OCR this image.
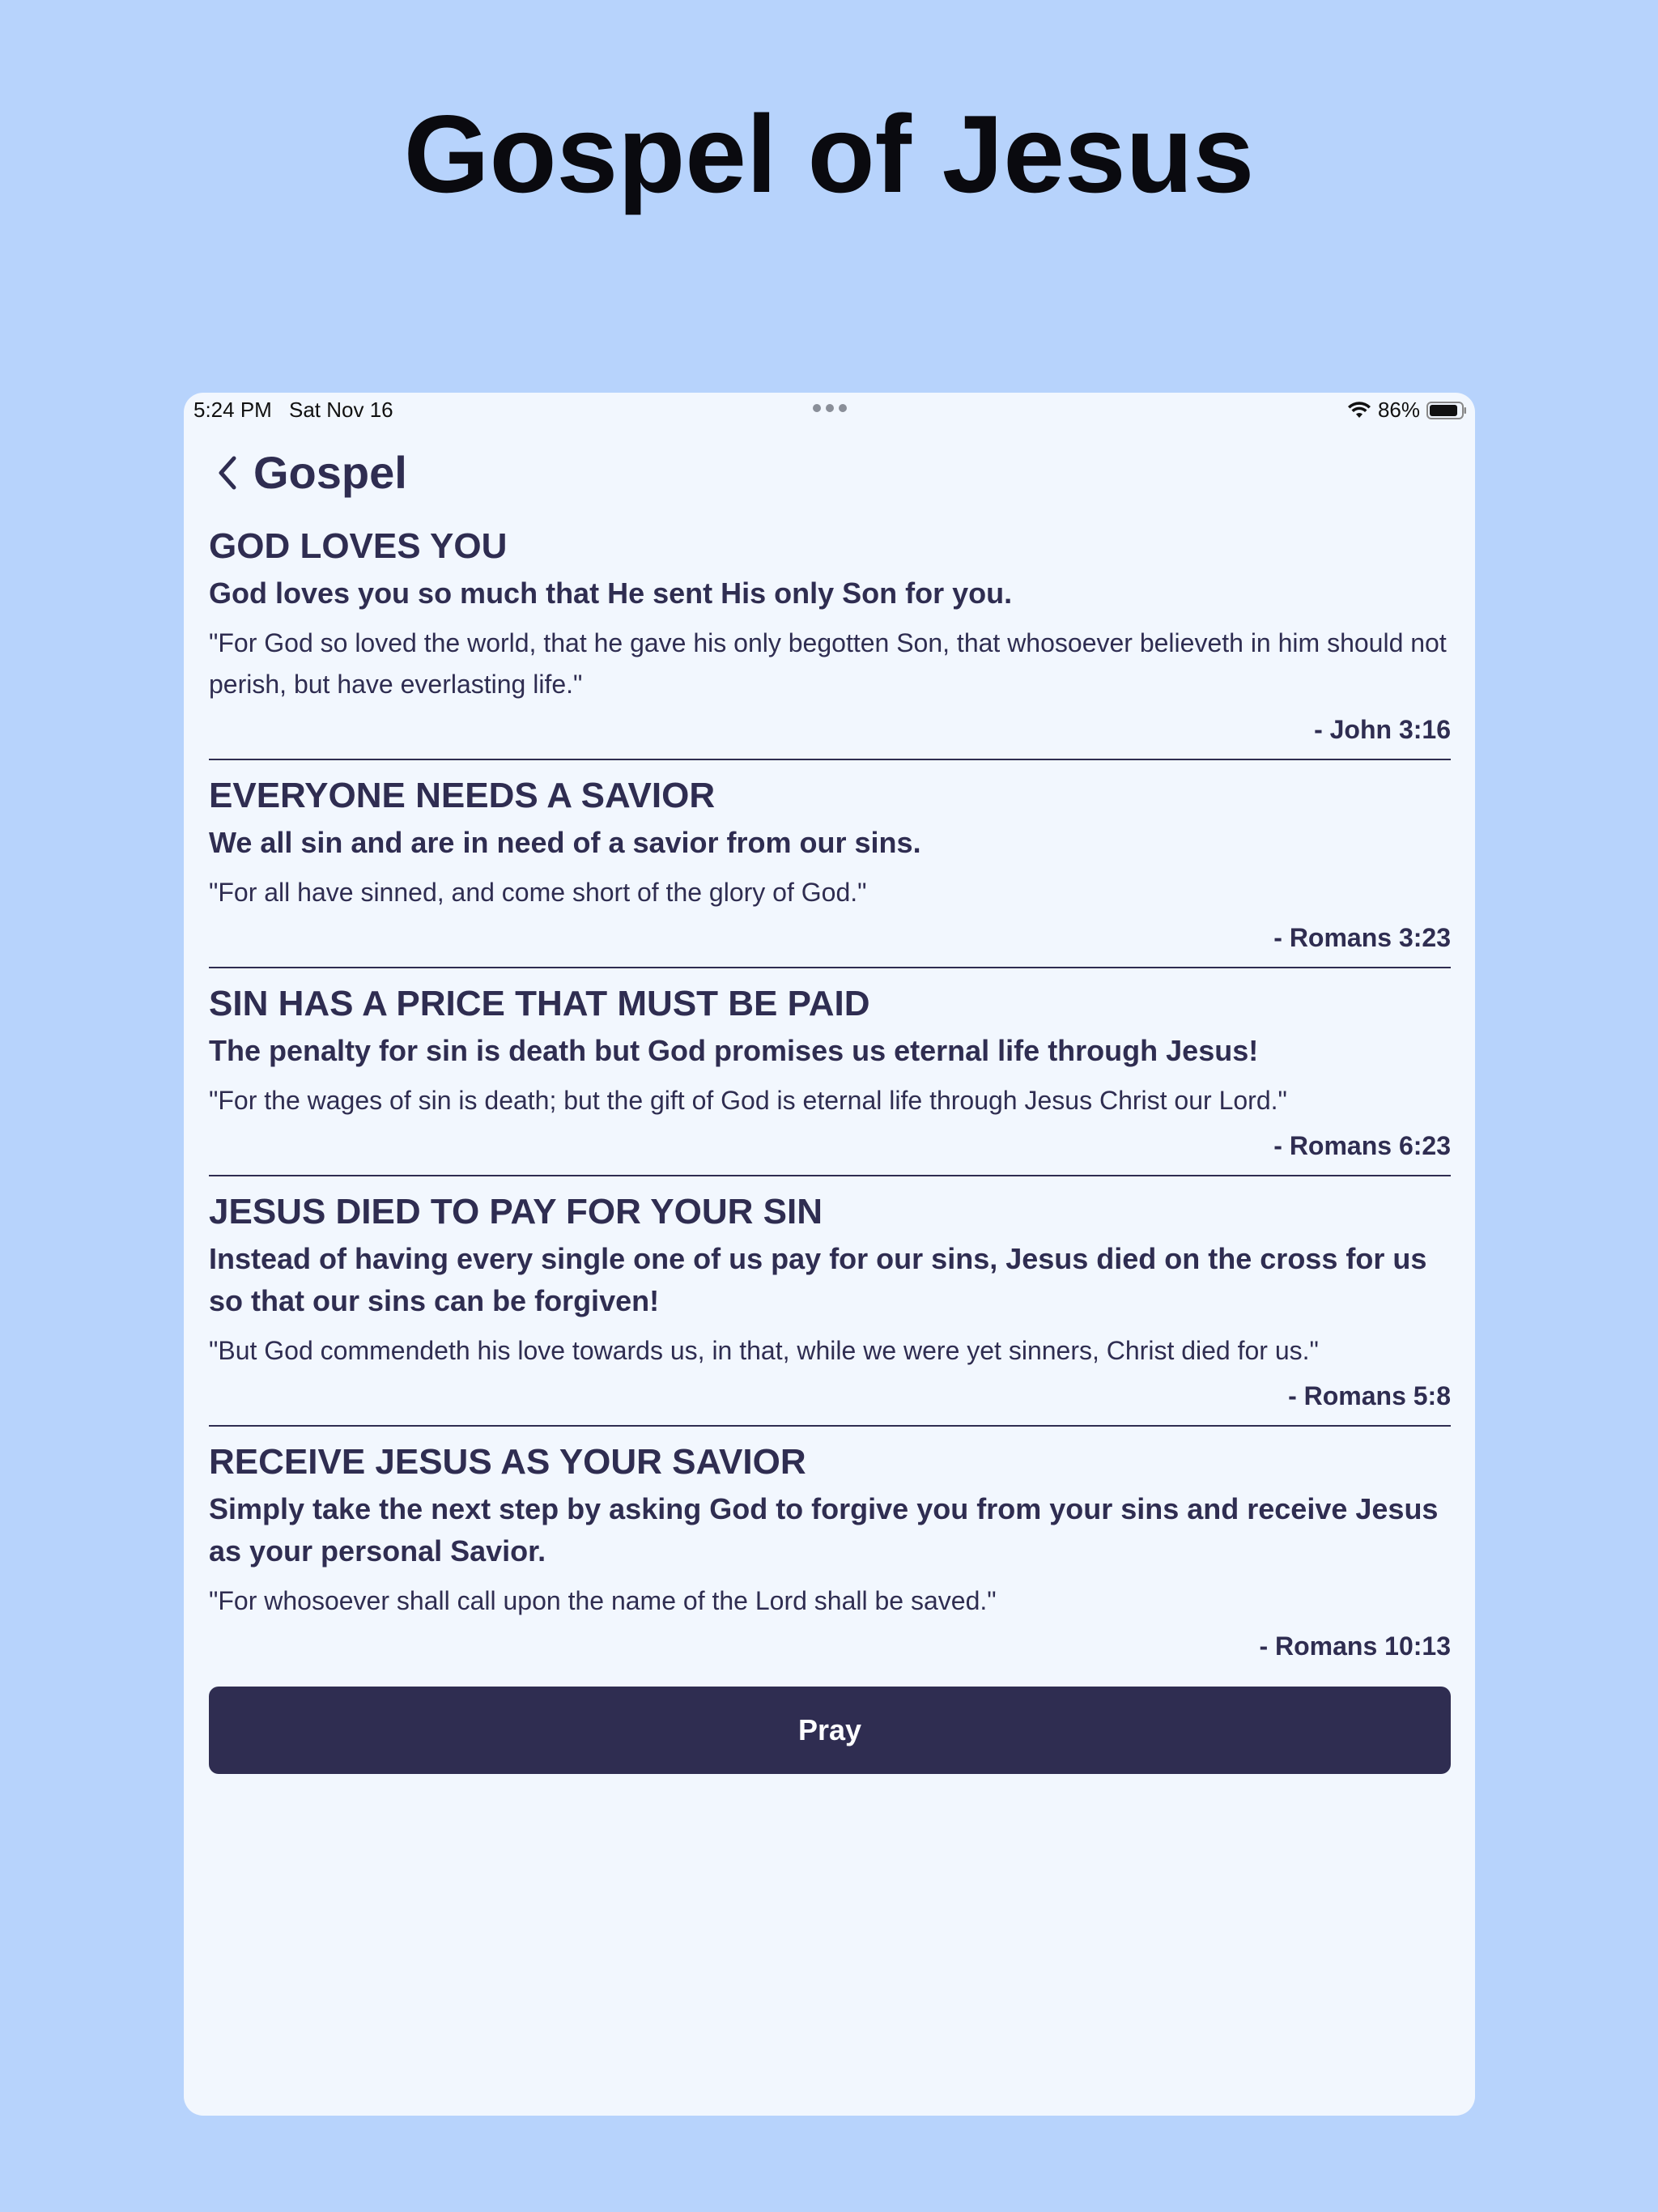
Gospel of Jesus
5:24 PM Sat Nov 16	86%
Gospel
GOD LOVES YOU

God loves you so much that He sent His only Son for you.

"For God so loved the world, that he gave his only begotten Son, that whosoever believeth in him should not perish, but have everlasting life."

- John 3:16

EVERYONE NEEDS A SAVIOR

We all sin and are in need of a savior from our sins.

"For all have sinned, and come short of the glory of God."

- Romans 3:23

SIN HAS A PRICE THAT MUST BE PAID

The penalty for sin is death but God promises us eternal life through Jesus!

"For the wages of sin is death; but the gift of God is eternal life through Jesus Christ our Lord."

- Romans 6:23

JESUS DIED TO PAY FOR YOUR SIN

Instead of having every single one of us pay for our sins, Jesus died on the cross for us so that our sins can be forgiven!

"But God commendeth his love towards us, in that, while we were yet sinners, Christ died for us."

- Romans 5:8

RECEIVE JESUS AS YOUR SAVIOR

Simply take the next step by asking God to forgive you from your sins and receive Jesus as your personal Savior.

"For whosoever shall call upon the name of the Lord shall be saved."

- Romans 10:13

Pray
